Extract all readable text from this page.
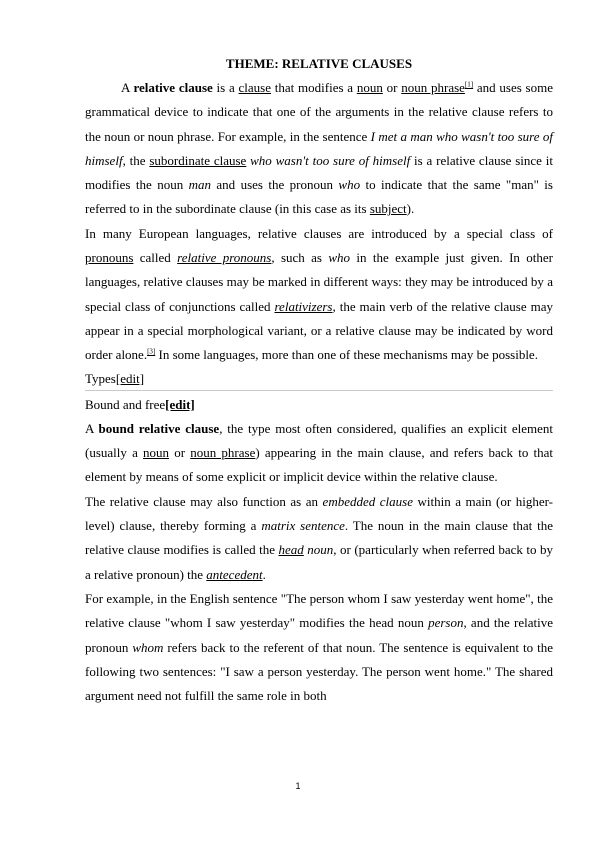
THEME: RELATIVE CLAUSES

A relative clause is a clause that modifies a noun or noun phrase[1] and uses some grammatical device to indicate that one of the arguments in the relative clause refers to the noun or noun phrase. For example, in the sentence I met a man who wasn't too sure of himself, the subordinate clause who wasn't too sure of himself is a relative clause since it modifies the noun man and uses the pronoun who to indicate that the same "man" is referred to in the subordinate clause (in this case as its subject).

In many European languages, relative clauses are introduced by a special class of pronouns called relative pronouns, such as who in the example just given. In other languages, relative clauses may be marked in different ways: they may be introduced by a special class of conjunctions called relativizers, the main verb of the relative clause may appear in a special morphological variant, or a relative clause may be indicated by word order alone.[3] In some languages, more than one of these mechanisms may be possible.

Types[edit]

Bound and free[edit]

A bound relative clause, the type most often considered, qualifies an explicit element (usually a noun or noun phrase) appearing in the main clause, and refers back to that element by means of some explicit or implicit device within the relative clause.

The relative clause may also function as an embedded clause within a main (or higher-level) clause, thereby forming a matrix sentence. The noun in the main clause that the relative clause modifies is called the head noun, or (particularly when referred back to by a relative pronoun) the antecedent.

For example, in the English sentence "The person whom I saw yesterday went home", the relative clause "whom I saw yesterday" modifies the head noun person, and the relative pronoun whom refers back to the referent of that noun. The sentence is equivalent to the following two sentences: "I saw a person yesterday. The person went home." The shared argument need not fulfill the same role in both

1
